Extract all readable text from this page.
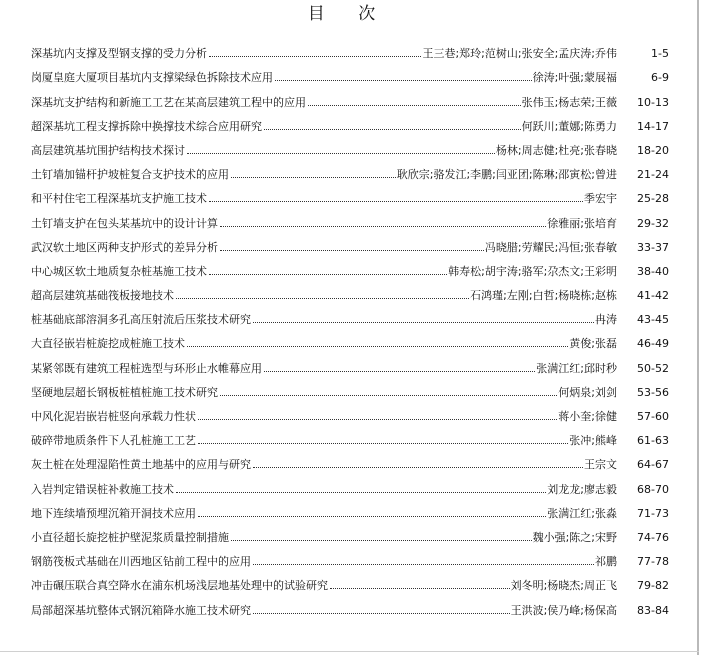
目 次
深基坑内支撑及型钢支撑的受力分析	王三巷;郑玲;范树山;张安全;孟庆涛;乔伟	1-5
岗厦皇庭大厦项目基坑内支撑梁绿色拆除技术应用	徐涛;叶强;蒙展福	6-9
深基坑支护结构和新施工工艺在某高层建筑工程中的应用	张伟玉;杨志荣;王薇	10-13
超深基坑工程支撑拆除中换撑技术综合应用研究	何跃川;董娜;陈勇力	14-17
高层建筑基坑围护结构技术探讨	杨林;周志健;杜亮;张春晓	18-20
土钉墙加锚杆护坡桩复合支护技术的应用	耿欣宗;骆发江;李鹏;闫亚团;陈琳;邵寅松;曾进	21-24
和平村住宅工程深基坑支护施工技术	季宏宇	25-28
土钉墙支护在包头某基坑中的设计计算	徐雅丽;张培育	29-32
武汉软土地区两种支护形式的差异分析	冯晓腊;劳耀民;冯恒;张春敏	33-37
中心城区软土地质复杂桩基施工技术	韩寿松;胡宇涛;骆军;尕杰文;王彩明	38-40
超高层建筑基础筏板接地技术	石鸿瑾;左刚;白哲;杨晓栋;赵栋	41-42
桩基础底部溶洞多孔高压射流后压浆技术研究	冉涛	43-45
大直径嵌岩桩旋挖成桩施工技术	黄俊;张磊	46-49
某紧邻既有建筑工程桩选型与环形止水帷幕应用	张满江红;邱时秒	50-52
坚硬地层超长钢板桩植桩施工技术研究	何炳泉;刘剑	53-56
中风化泥岩嵌岩桩竖向承载力性状	蒋小奎;徐健	57-60
破碎带地质条件下人孔桩施工工艺	张冲;熊峰	61-63
灰土桩在处理湿陷性黄土地基中的应用与研究	王宗文	64-67
入岩判定错误桩补救施工技术	刘龙龙;廖志毅	68-70
地下连续墙预埋沉箱开洞技术应用	张满江红;张淼	71-73
小直径超长旋挖桩护壁泥浆质量控制措施	魏小强;陈之;宋野	74-76
钢筋筏板式基础在川西地区钻前工程中的应用	祁鹏	77-78
冲击碾压联合真空降水在浦东机场浅层地基处理中的试验研究	刘冬明;杨晓杰;周正飞	79-82
局部超深基坑整体式钢沉箱降水施工技术研究	王洪波;侯乃峰;杨保高	83-84
